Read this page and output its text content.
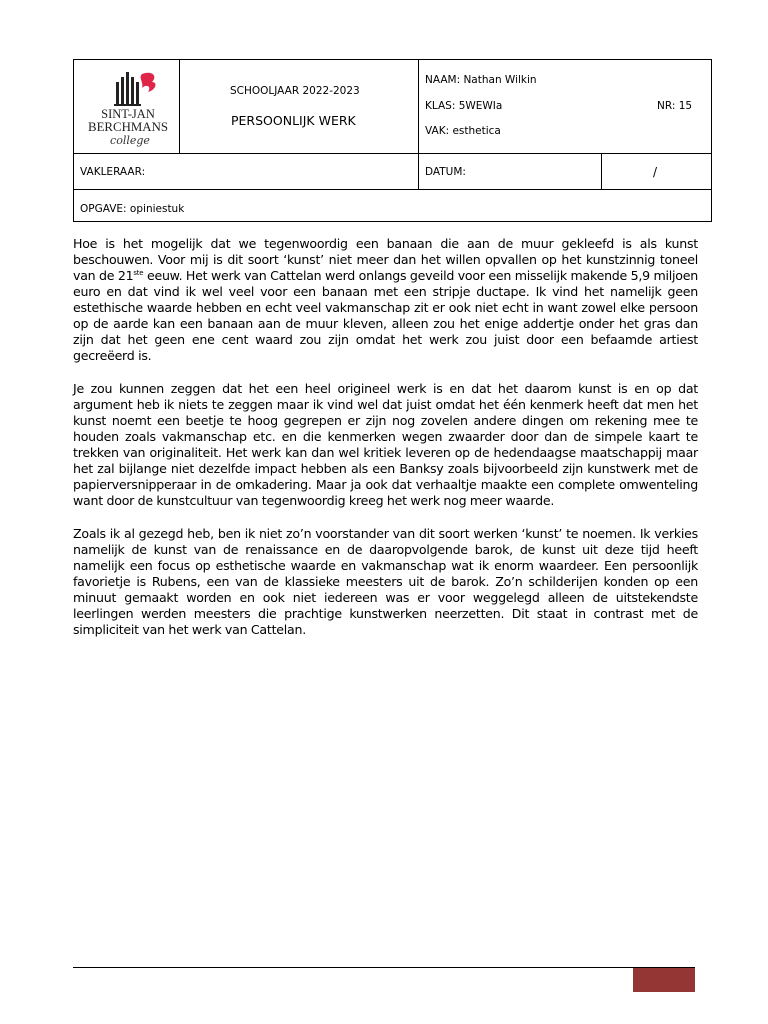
SINT-JAN
BERCHMANS
college
SCHOOLJAAR 2022-2023
PERSOONLIJK WERK
NAAM: Nathan Wilkin
KLAS: 5WEWIa	NR: 15
VAK: esthetica
VAKLERAAR:	DATUM:	/
OPGAVE: opiniestuk

Hoe is het mogelijk dat we tegenwoordig een banaan die aan de muur gekleefd is als kunst beschouwen. Voor mij is dit soort ‘kunst’ niet meer dan het willen opvallen op het kunstzinnig toneel van de 21ste eeuw. Het werk van Cattelan werd onlangs geveild voor een misselijk makende 5,9 miljoen euro en dat vind ik wel veel voor een banaan met een stripje ductape. Ik vind het namelijk geen estethische waarde hebben en echt veel vakmanschap zit er ook niet echt in want zowel elke persoon op de aarde kan een banaan aan de muur kleven, alleen zou het enige addertje onder het gras dan zijn dat het geen ene cent waard zou zijn omdat het werk zou juist door een befaamde artiest gecreëerd is.

Je zou kunnen zeggen dat het een heel origineel werk is en dat het daarom kunst is en op dat argument heb ik niets te zeggen maar ik vind wel dat juist omdat het één kenmerk heeft dat men het kunst noemt een beetje te hoog gegrepen er zijn nog zovelen andere dingen om rekening mee te houden zoals vakmanschap etc. en die kenmerken wegen zwaarder door dan de simpele kaart te trekken van originaliteit. Het werk kan dan wel kritiek leveren op de hedendaagse maatschappij maar het zal bijlange niet dezelfde impact hebben als een Banksy zoals bijvoorbeeld zijn kunstwerk met de papierversnipperaar in de omkadering. Maar ja ook dat verhaaltje maakte een complete omwenteling want door de kunstcultuur van tegenwoordig kreeg het werk nog meer waarde.

Zoals ik al gezegd heb, ben ik niet zo’n voorstander van dit soort werken ‘kunst’ te noemen. Ik verkies namelijk de kunst van de renaissance en de daaropvolgende barok, de kunst uit deze tijd heeft namelijk een focus op esthetische waarde en vakmanschap wat ik enorm waardeer. Een persoonlijk favorietje is Rubens, een van de klassieke meesters uit de barok. Zo’n schilderijen konden op een minuut gemaakt worden en ook niet iedereen was er voor weggelegd alleen de uitstekendste leerlingen werden meesters die prachtige kunstwerken neerzetten. Dit staat in contrast met de simpliciteit van het werk van Cattelan.
